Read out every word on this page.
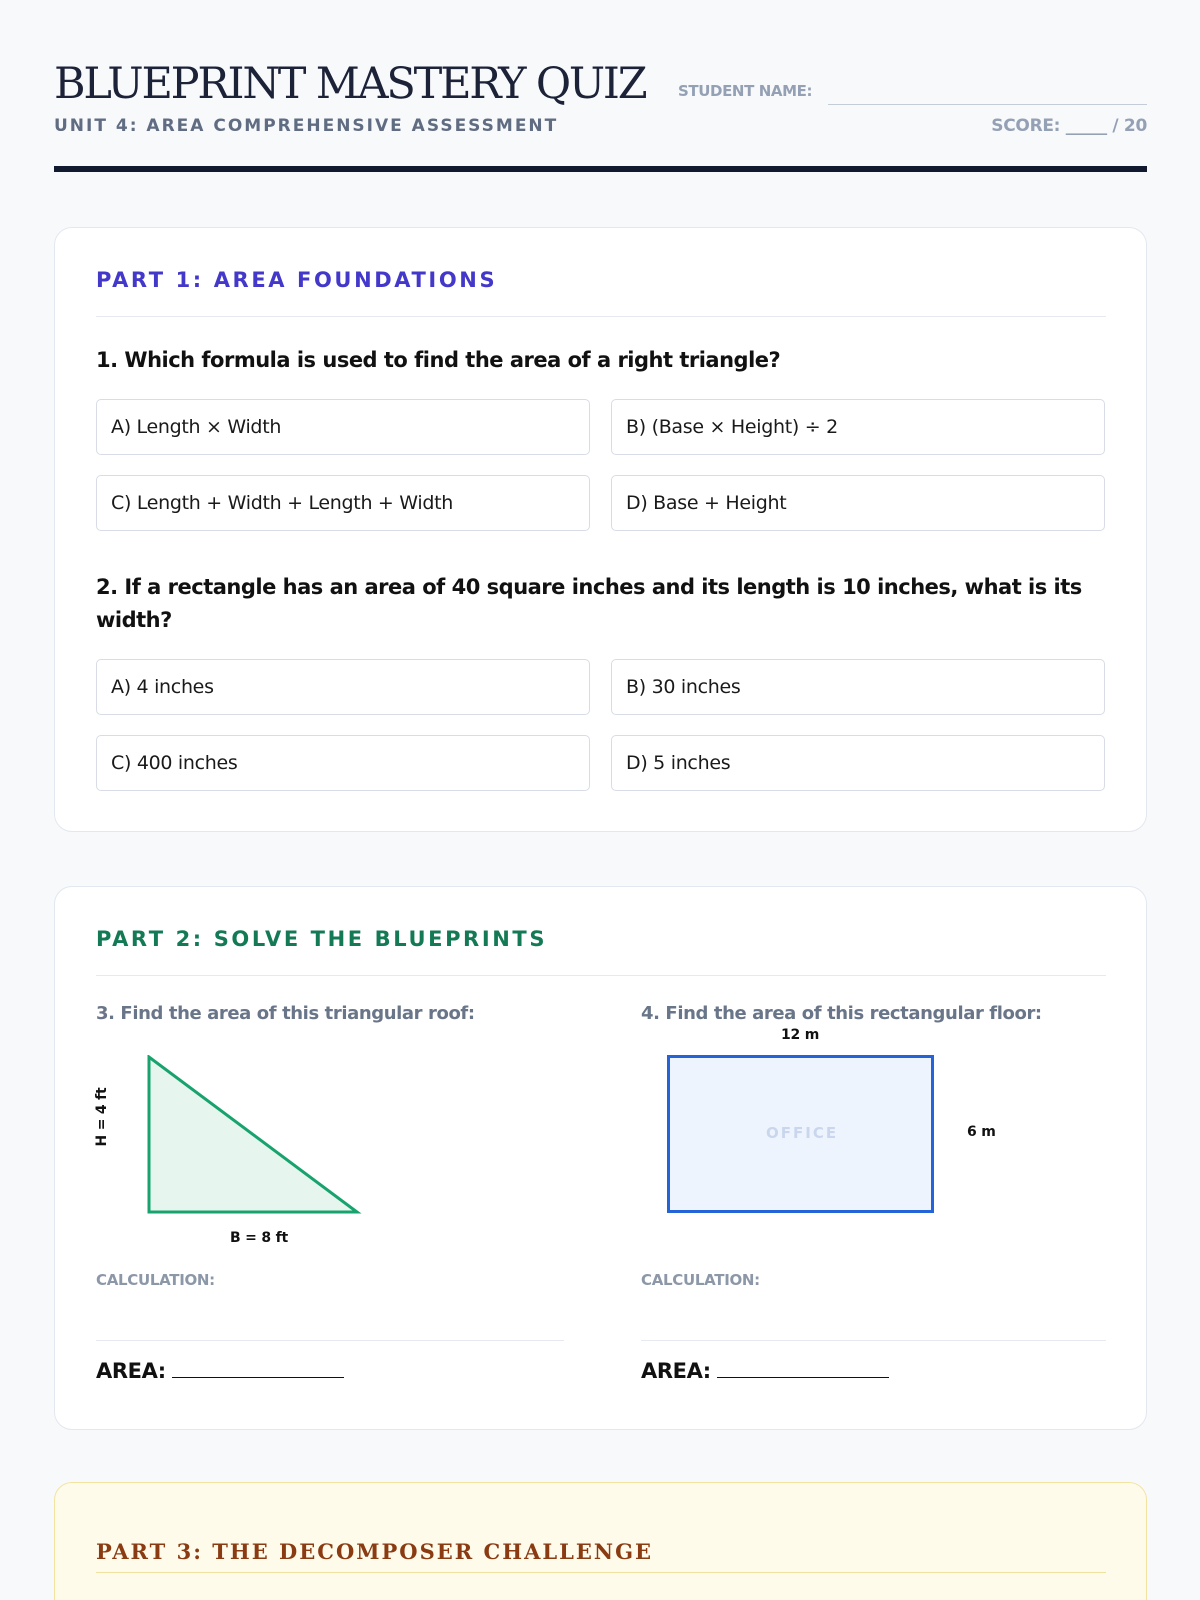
BLUEPRINT MASTERY QUIZ
UNIT 4: AREA COMPREHENSIVE ASSESSMENT
STUDENT NAME:
SCORE: _____ / 20
PART 1: AREA FOUNDATIONS
1. Which formula is used to find the area of a right triangle?
A) Length × Width	B) (Base × Height) ÷ 2
C) Length + Width + Length + Width	D) Base + Height
2. If a rectangle has an area of 40 square inches and its length is 10 inches, what is its width?
A) 4 inches	B) 30 inches
C) 400 inches	D) 5 inches
PART 2: SOLVE THE BLUEPRINTS
3. Find the area of this triangular roof:
H = 4 ft
B = 8 ft
CALCULATION:
AREA:
4. Find the area of this rectangular floor:
12 m
OFFICE	6 m
CALCULATION:
AREA:
PART 3: THE DECOMPOSER CHALLENGE
